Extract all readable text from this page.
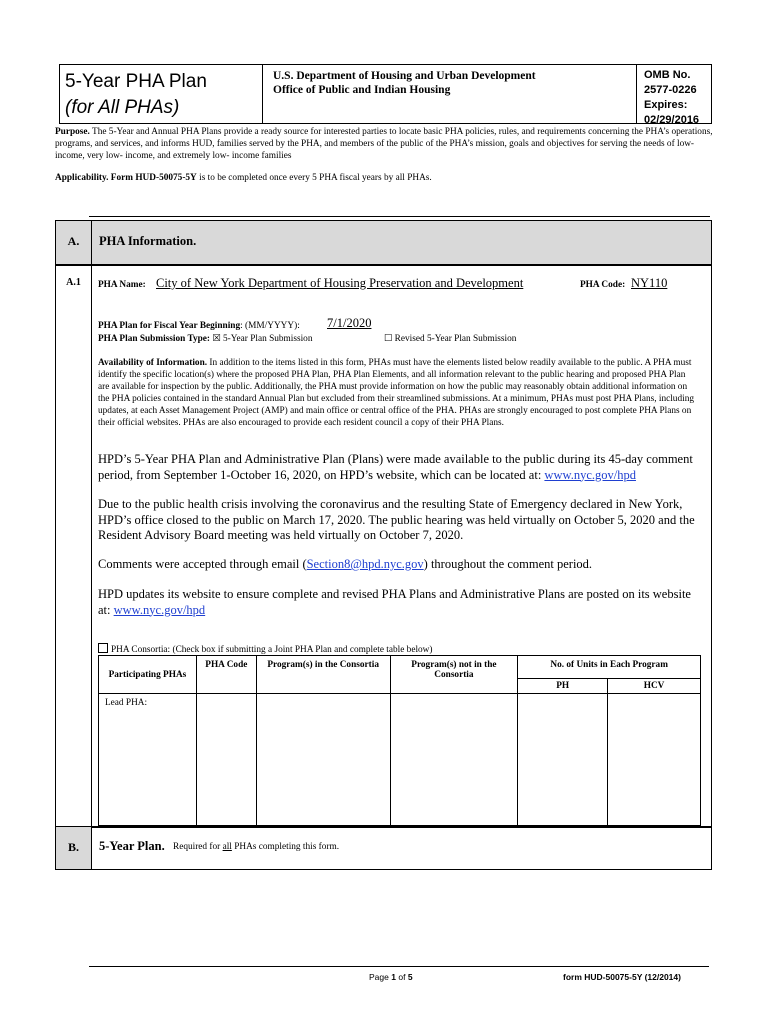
5-Year PHA Plan
(for All PHAs)
U.S. Department of Housing and Urban Development
Office of Public and Indian Housing
OMB No. 2577-0226
Expires: 02/29/2016
Purpose. The 5-Year and Annual PHA Plans provide a ready source for interested parties to locate basic PHA policies, rules, and requirements concerning the PHA’s operations, programs, and services, and informs HUD, families served by the PHA, and members of the public of the PHA’s mission, goals and objectives for serving the needs of low- income, very low- income, and extremely low- income families
Applicability. Form HUD-50075-5Y is to be completed once every 5 PHA fiscal years by all PHAs.
A.	PHA Information.
A.1	PHA Name: City of New York Department of Housing Preservation and Development	PHA Code: NY110
PHA Plan for Fiscal Year Beginning: (MM/YYYY): 7/1/2020
PHA Plan Submission Type: ☒ 5-Year Plan Submission	☐ Revised 5-Year Plan Submission
Availability of Information. In addition to the items listed in this form, PHAs must have the elements listed below readily available to the public. A PHA must identify the specific location(s) where the proposed PHA Plan, PHA Plan Elements, and all information relevant to the public hearing and proposed PHA Plan are available for inspection by the public. Additionally, the PHA must provide information on how the public may reasonably obtain additional information on the PHA policies contained in the standard Annual Plan but excluded from their streamlined submissions. At a minimum, PHAs must post PHA Plans, including updates, at each Asset Management Project (AMP) and main office or central office of the PHA. PHAs are strongly encouraged to post complete PHA Plans on their official websites. PHAs are also encouraged to provide each resident council a copy of their PHA Plans.
HPD’s 5-Year PHA Plan and Administrative Plan (Plans) were made available to the public during its 45-day comment period, from September 1-October 16, 2020, on HPD’s website, which can be located at: www.nyc.gov/hpd
Due to the public health crisis involving the coronavirus and the resulting State of Emergency declared in New York, HPD’s office closed to the public on March 17, 2020. The public hearing was held virtually on October 5, 2020 and the Resident Advisory Board meeting was held virtually on October 7, 2020.
Comments were accepted through email (Section8@hpd.nyc.gov) throughout the comment period.
HPD updates its website to ensure complete and revised PHA Plans and Administrative Plans are posted on its website at: www.nyc.gov/hpd
PHA Consortia: (Check box if submitting a Joint PHA Plan and complete table below)
Participating PHAs	PHA Code	Program(s) in the Consortia	Program(s) not in the Consortia	No. of Units in Each Program	
				PH	HCV
Lead PHA:					
B.	5-Year Plan. Required for all PHAs completing this form.
Page 1 of 5	form HUD-50075-5Y (12/2014)
